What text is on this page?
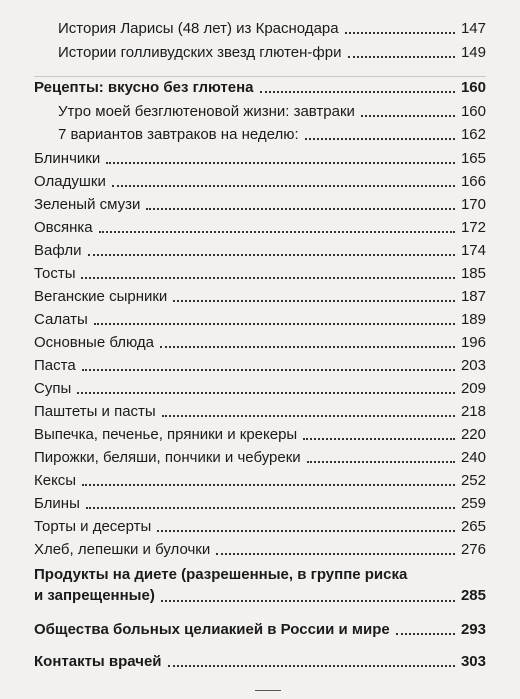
История Ларисы (48 лет) из Краснодара	147
Истории голливудских звезд глютен-фри	149
Рецепты: вкусно без глютена	160
Утро моей безглютеновой жизни: завтраки	160
7 вариантов завтраков на неделю:	162
Блинчики	165
Оладушки	166
Зеленый смузи	170
Овсянка	172
Вафли	174
Тосты	185
Веганские сырники	187
Салаты	189
Основные блюда	196
Паста	203
Супы	209
Паштеты и пасты	218
Выпечка, печенье, пряники и крекеры	220
Пирожки, беляши, пончики и чебуреки	240
Кексы	252
Блины	259
Торты и десерты	265
Хлеб, лепешки и булочки	276
Продукты на диете (разрешенные, в группе риска
и запрещенные)	285
Общества больных целиакией в России и мире	293
Контакты врачей	303
